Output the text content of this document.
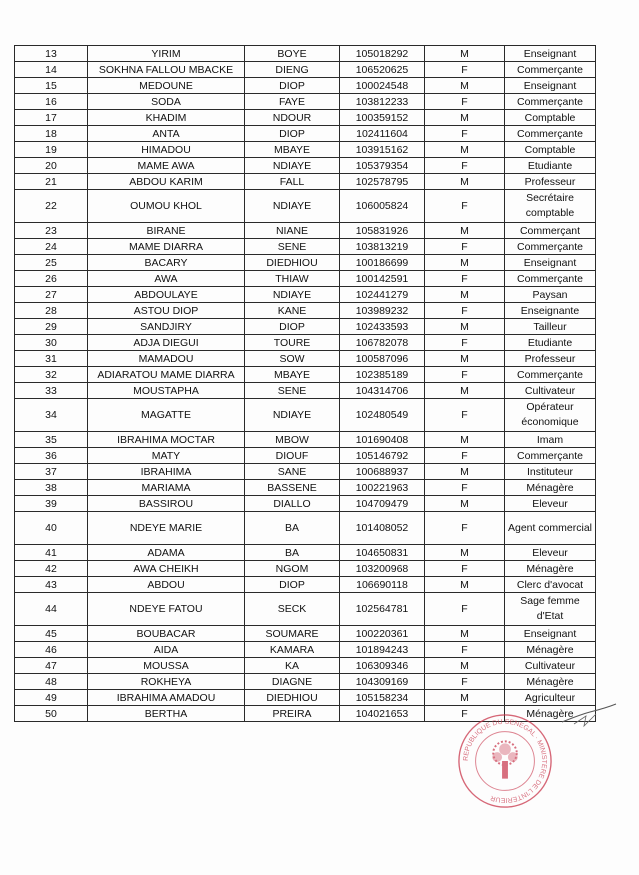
13	YIRIM	BOYE	105018292	M	Enseignant
14	SOKHNA FALLOU MBACKE	DIENG	106520625	F	Commerçante
15	MEDOUNE	DIOP	100024548	M	Enseignant
16	SODA	FAYE	103812233	F	Commerçante
17	KHADIM	NDOUR	100359152	M	Comptable
18	ANTA	DIOP	102411604	F	Commerçante
19	HIMADOU	MBAYE	103915162	M	Comptable
20	MAME AWA	NDIAYE	105379354	F	Etudiante
21	ABDOU KARIM	FALL	102578795	M	Professeur
22	OUMOU KHOL	NDIAYE	106005824	F	Secrétaire comptable
23	BIRANE	NIANE	105831926	M	Commerçant
24	MAME DIARRA	SENE	103813219	F	Commerçante
25	BACARY	DIEDHIOU	100186699	M	Enseignant
26	AWA	THIAW	100142591	F	Commerçante
27	ABDOULAYE	NDIAYE	102441279	M	Paysan
28	ASTOU DIOP	KANE	103989232	F	Enseignante
29	SANDJIRY	DIOP	102433593	M	Tailleur
30	ADJA DIEGUI	TOURE	106782078	F	Etudiante
31	MAMADOU	SOW	100587096	M	Professeur
32	ADIARATOU MAME DIARRA	MBAYE	102385189	F	Commerçante
33	MOUSTAPHA	SENE	104314706	M	Cultivateur
34	MAGATTE	NDIAYE	102480549	F	Opérateur économique
35	IBRAHIMA MOCTAR	MBOW	101690408	M	Imam
36	MATY	DIOUF	105146792	F	Commerçante
37	IBRAHIMA	SANE	100688937	M	Instituteur
38	MARIAMA	BASSENE	100221963	F	Ménagère
39	BASSIROU	DIALLO	104709479	M	Eleveur
40	NDEYE MARIE	BA	101408052	F	Agent commercial
41	ADAMA	BA	104650831	M	Eleveur
42	AWA CHEIKH	NGOM	103200968	F	Ménagère
43	ABDOU	DIOP	106690118	M	Clerc d'avocat
44	NDEYE FATOU	SECK	102564781	F	Sage femme d'Etat
45	BOUBACAR	SOUMARE	100220361	M	Enseignant
46	AIDA	KAMARA	101894243	F	Ménagère
47	MOUSSA	KA	106309346	M	Cultivateur
48	ROKHEYA	DIAGNE	104309169	F	Ménagère
49	IBRAHIMA AMADOU	DIEDHIOU	105158234	M	Agriculteur
50	BERTHA	PREIRA	104021653	F	Ménagère
REPUBLIQUE DU SENEGAL · MINISTERE DE L'INTERIEUR
